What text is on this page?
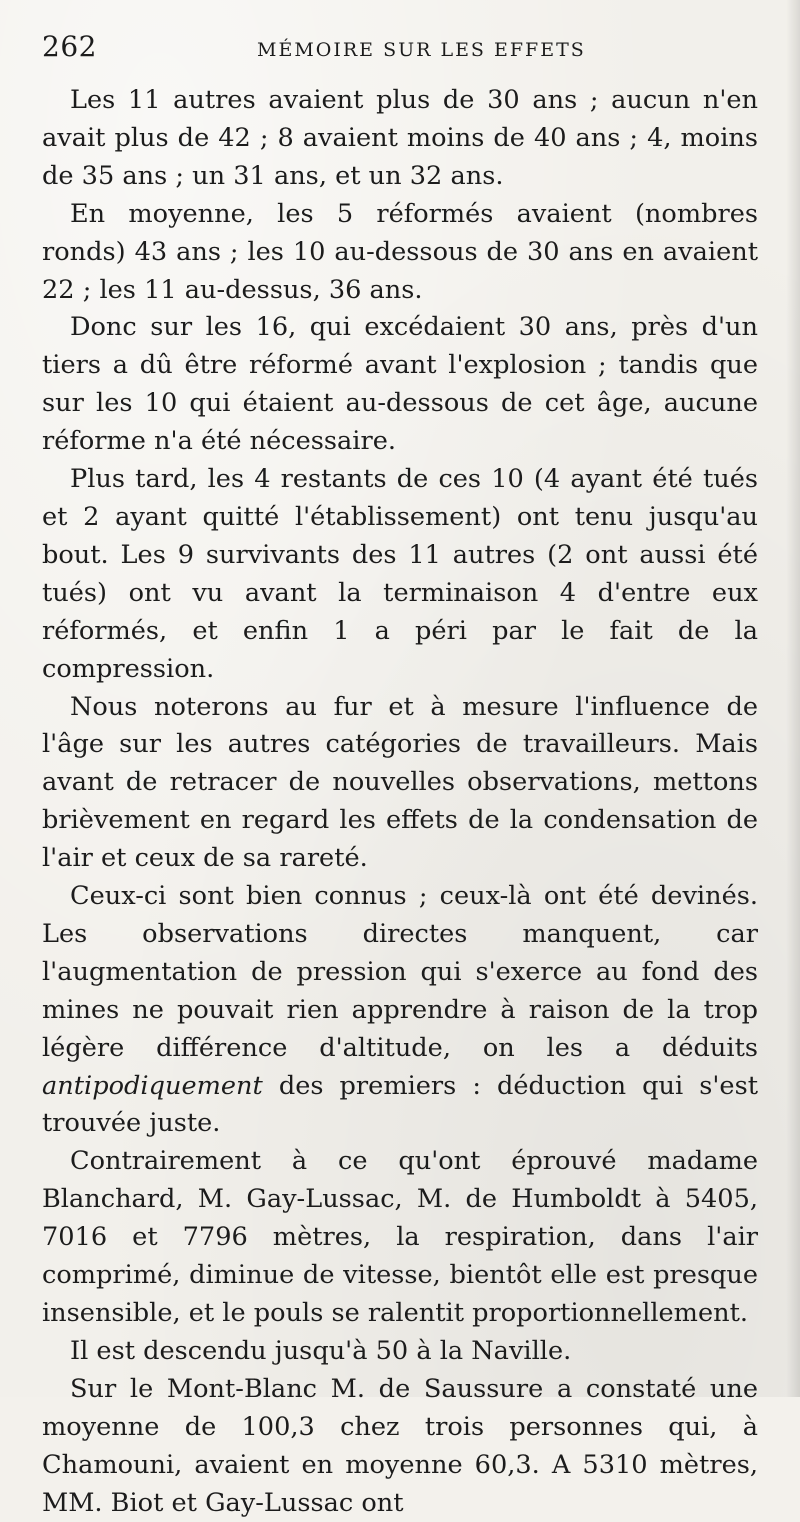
262	MÉMOIRE SUR LES EFFETS

Les 11 autres avaient plus de 30 ans ; aucun n'en avait plus de 42 ; 8 avaient moins de 40 ans ; 4, moins de 35 ans ; un 31 ans, et un 32 ans.

En moyenne, les 5 réformés avaient (nombres ronds) 43 ans ; les 10 au-dessous de 30 ans en avaient 22 ; les 11 au-dessus, 36 ans.

Donc sur les 16, qui excédaient 30 ans, près d'un tiers a dû être réformé avant l'explosion ; tandis que sur les 10 qui étaient au-dessous de cet âge, aucune réforme n'a été nécessaire.

Plus tard, les 4 restants de ces 10 (4 ayant été tués et 2 ayant quitté l'établissement) ont tenu jusqu'au bout. Les 9 survivants des 11 autres (2 ont aussi été tués) ont vu avant la terminaison 4 d'entre eux réformés, et enfin 1 a péri par le fait de la compression.

Nous noterons au fur et à mesure l'influence de l'âge sur les autres catégories de travailleurs. Mais avant de retracer de nouvelles observations, mettons brièvement en regard les effets de la condensation de l'air et ceux de sa rareté.

Ceux-ci sont bien connus ; ceux-là ont été devinés. Les observations directes manquent, car l'augmentation de pression qui s'exerce au fond des mines ne pouvait rien apprendre à raison de la trop légère différence d'altitude, on les a déduits antipodiquement des premiers : déduction qui s'est trouvée juste.

Contrairement à ce qu'ont éprouvé madame Blanchard, M. Gay-Lussac, M. de Humboldt à 5405, 7016 et 7796 mètres, la respiration, dans l'air comprimé, diminue de vitesse, bientôt elle est presque insensible, et le pouls se ralentit proportionnellement.

Il est descendu jusqu'à 50 à la Naville.

Sur le Mont-Blanc M. de Saussure a constaté une moyenne de 100,3 chez trois personnes qui, à Chamouni, avaient en moyenne 60,3. A 5310 mètres, MM. Biot et Gay-Lussac ont
